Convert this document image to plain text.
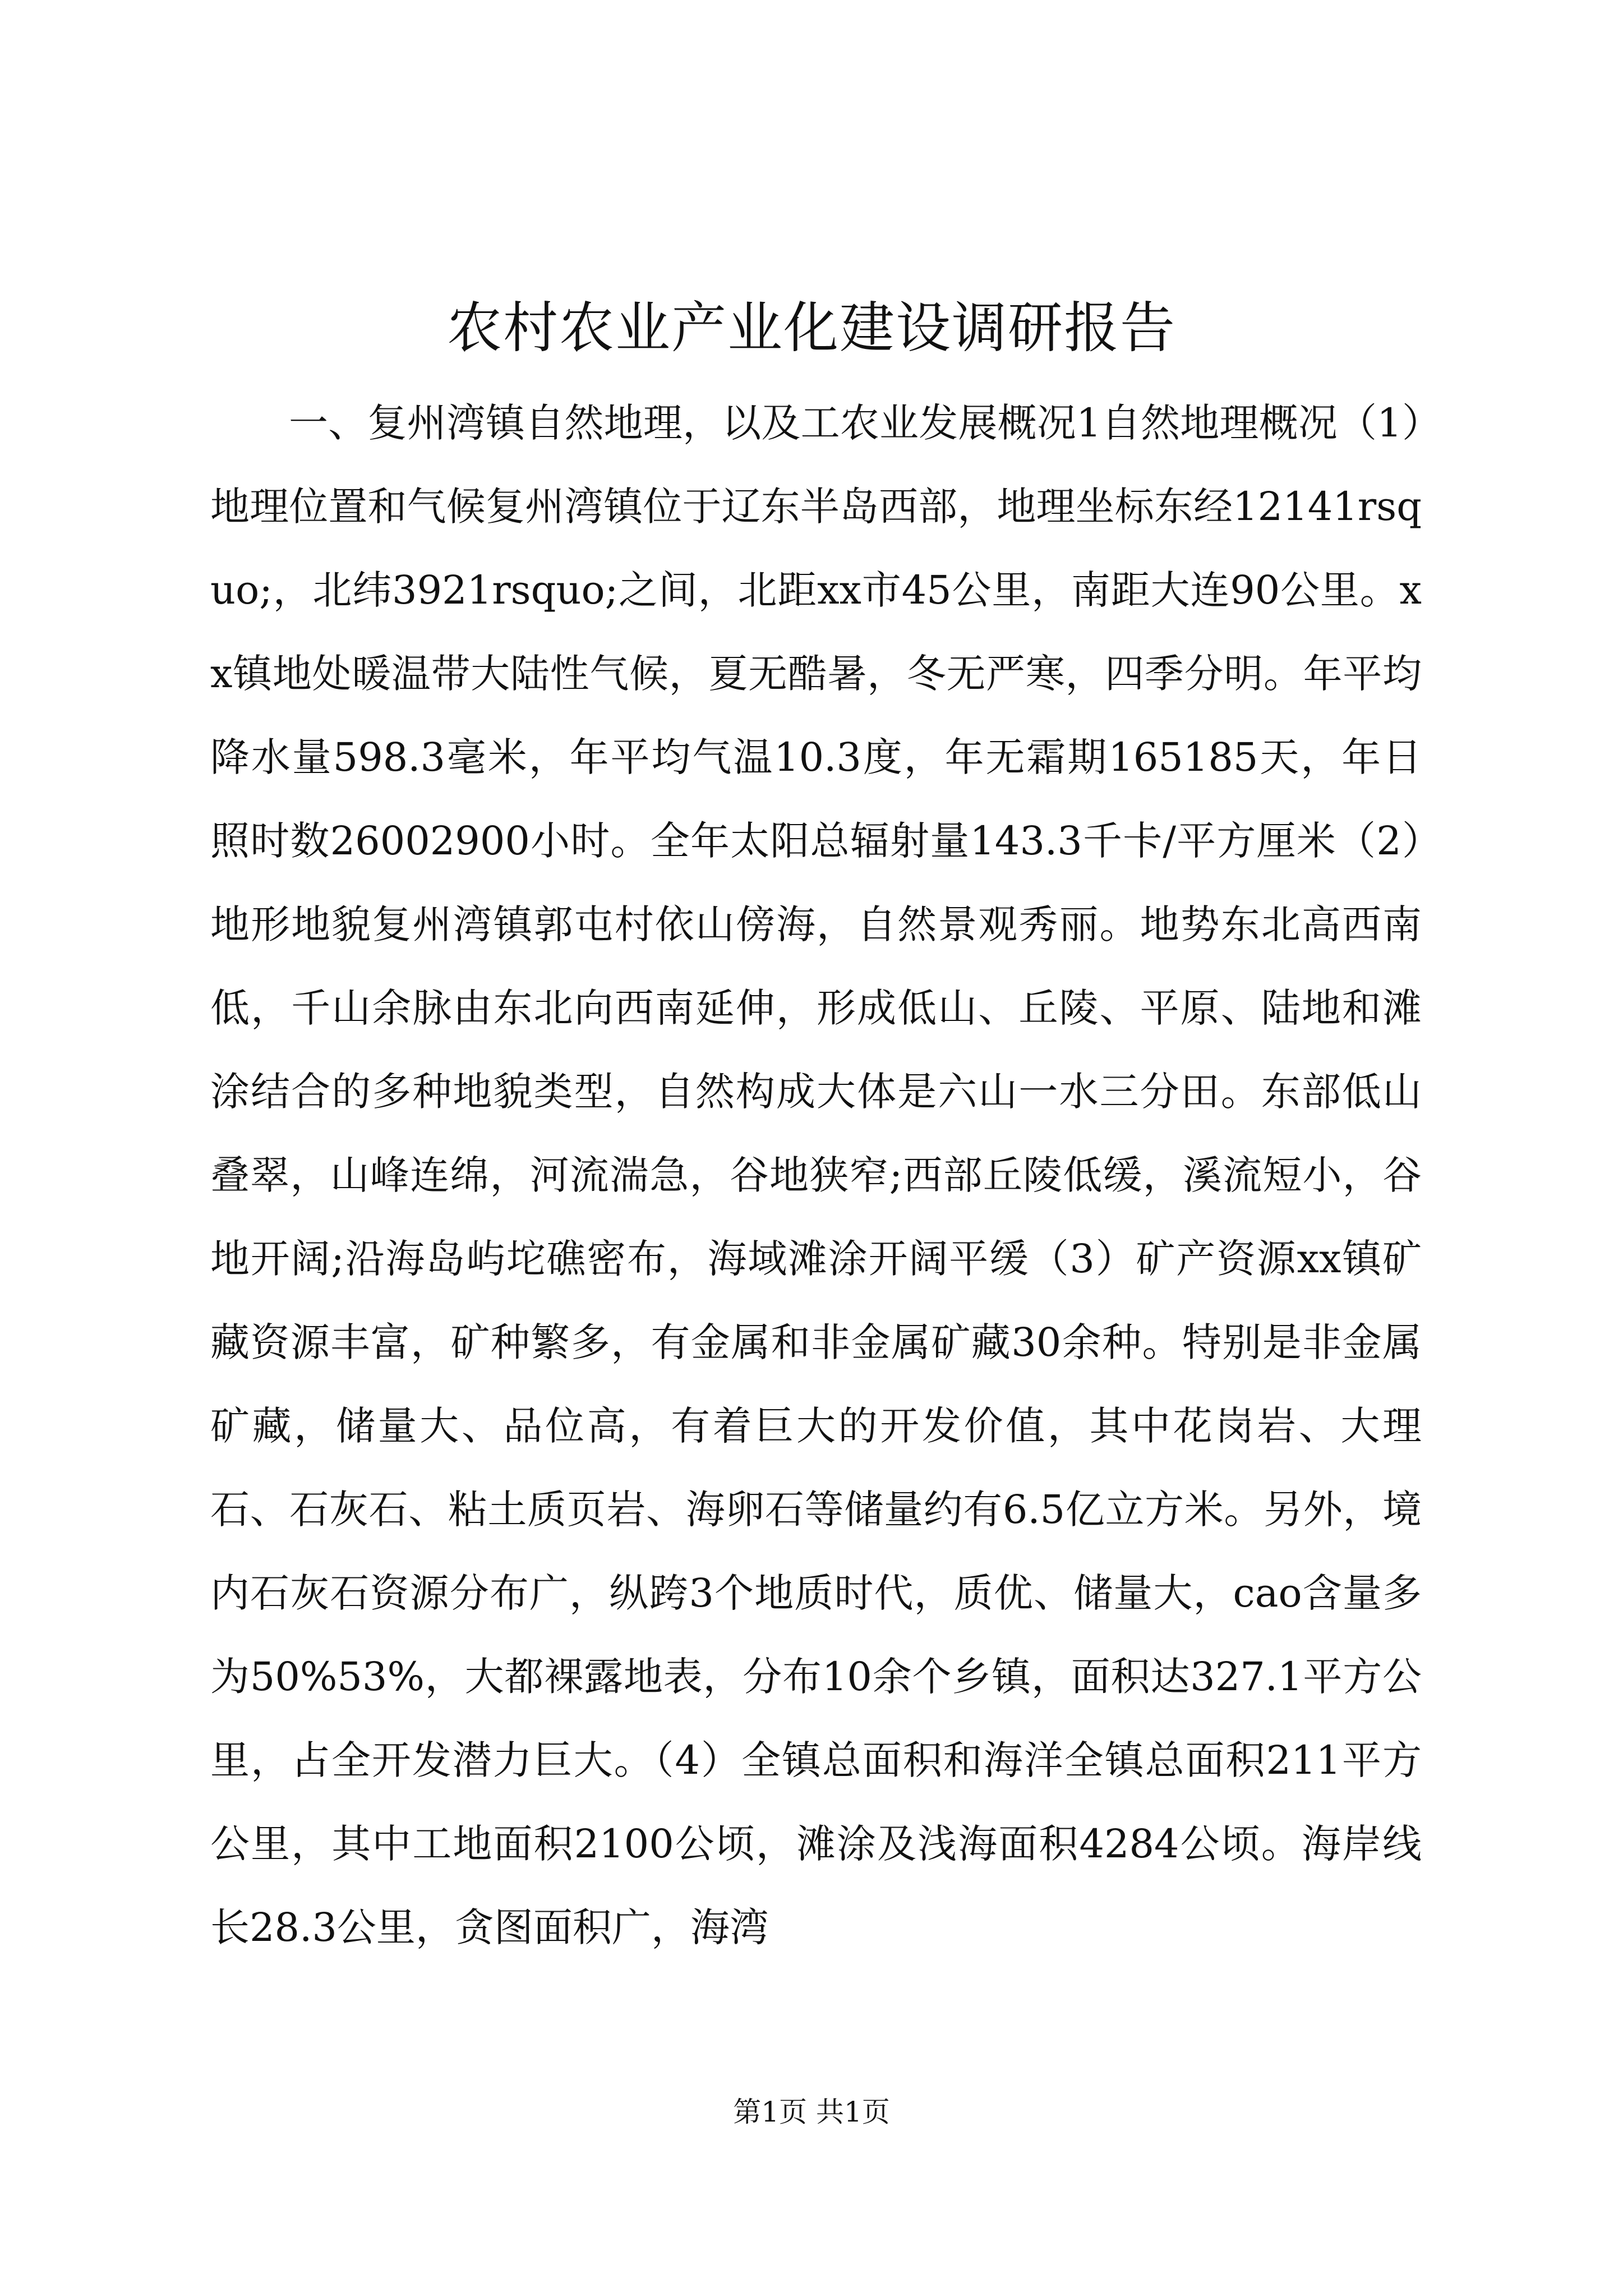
农村农业产业化建设调研报告

一、复州湾镇自然地理，以及工农业发展概况1自然地理概况（1）地理位置和气候复州湾镇位于辽东半岛西部，地理坐标东经12141rsquo;，北纬3921rsquo;之间，北距xx市45公里，南距大连90公里。xx镇地处暖温带大陆性气候，夏无酷暑，冬无严寒，四季分明。年平均降水量598.3毫米，年平均气温10.3度，年无霜期165185天，年日照时数26002900小时。全年太阳总辐射量143.3千卡/平方厘米（2）地形地貌复州湾镇郭屯村依山傍海，自然景观秀丽。地势东北高西南低，千山余脉由东北向西南延伸，形成低山、丘陵、平原、陆地和滩涂结合的多种地貌类型，自然构成大体是六山一水三分田。东部低山叠翠，山峰连绵，河流湍急，谷地狭窄;西部丘陵低缓，溪流短小，谷地开阔;沿海岛屿坨礁密布，海域滩涂开阔平缓（3）矿产资源xx镇矿藏资源丰富，矿种繁多，有金属和非金属矿藏30余种。特别是非金属矿藏，储量大、品位高，有着巨大的开发价值，其中花岗岩、大理石、石灰石、粘土质页岩、海卵石等储量约有6.5亿立方米。另外，境内石灰石资源分布广，纵跨3个地质时代，质优、储量大，cao含量多为50%53%，大都裸露地表，分布10余个乡镇，面积达327.1平方公里，占全开发潜力巨大。（4）全镇总面积和海洋全镇总面积211平方公里，其中工地面积2100公顷，滩涂及浅海面积4284公顷。海岸线长28.3公里，贪图面积广，海湾

第1页 共1页
